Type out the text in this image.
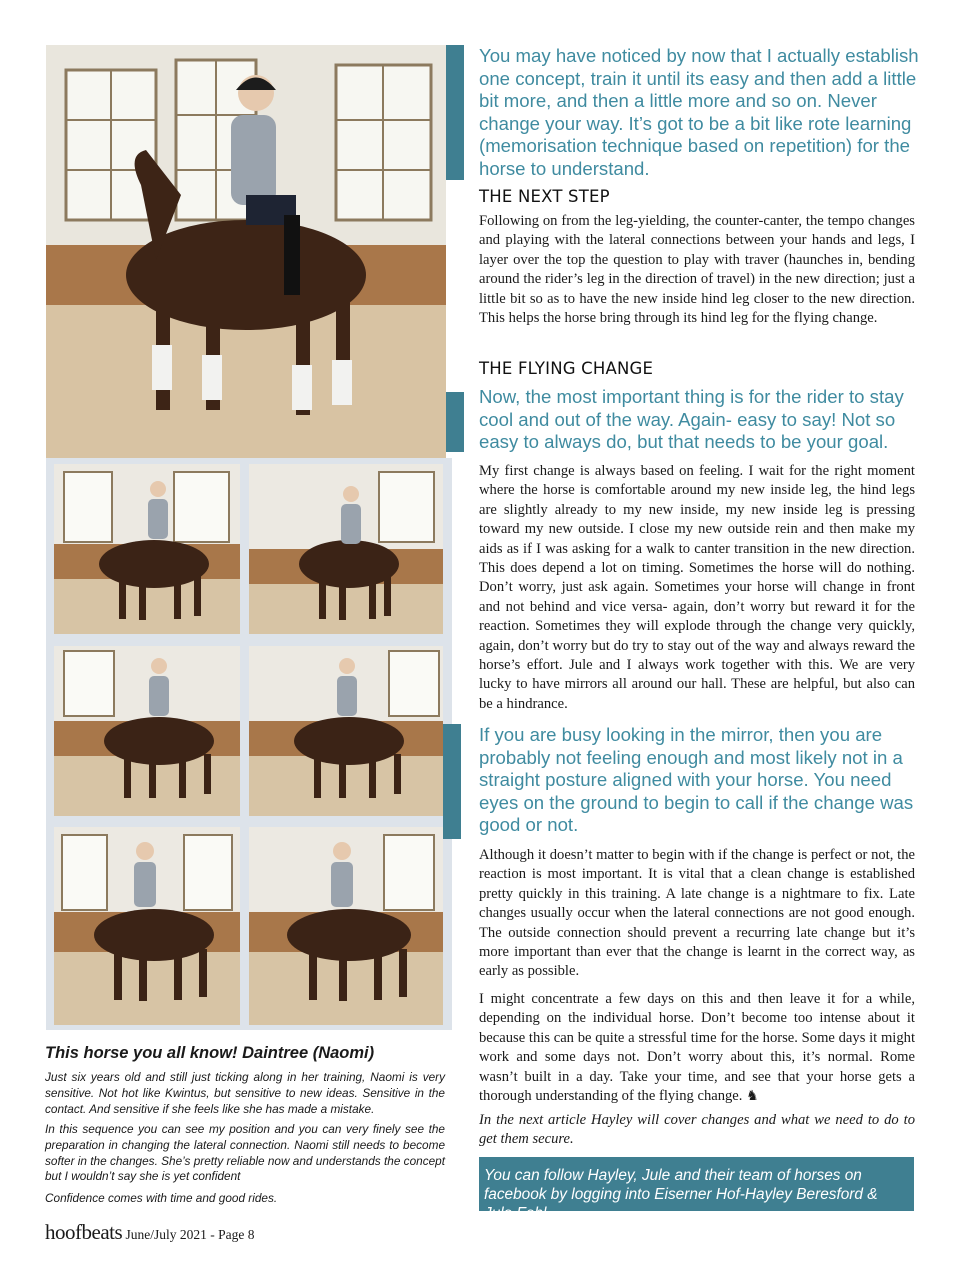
You may have noticed by now that I actually establish one concept, train it until its easy and then add a little bit more, and then a little more and so on. Never change your way. It’s got to be a bit like rote learning (memorisation technique based on repetition) for the horse to understand.

THE NEXT STEP

Following on from the leg-yielding, the counter-canter, the tempo changes and playing with the lateral connections between your hands and legs, I layer over the top the question to play with traver (haunches in, bending around the rider’s leg in the direction of travel) in the new direction; just a little bit so as to have the new inside hind leg closer to the new direction. This helps the horse bring through its hind leg for the flying change.

THE FLYING CHANGE

Now, the most important thing is for the rider to stay cool and out of the way. Again- easy to say! Not so easy to always do, but that needs to be your goal.

My first change is always based on feeling. I wait for the right moment where the horse is comfortable around my new inside leg, the hind legs are slightly already to my new inside, my new inside leg is pressing toward my new outside. I close my new outside rein and then make my aids as if I was asking for a walk to canter transition in the new direction. This does depend a lot on timing. Sometimes the horse will do nothing. Don’t worry, just ask again. Sometimes your horse will change in front and not behind and vice versa- again, don’t worry but reward it for the reaction. Sometimes they will explode through the change very quickly, again, don’t worry but do try to stay out of the way and always reward the horse’s effort. Jule and I always work together with this. We are very lucky to have mirrors all around our hall. These are helpful, but also can be a hindrance.

If you are busy looking in the mirror, then you are probably not feeling enough and most likely not in a straight posture aligned with your horse. You need eyes on the ground to begin to call if the change was good or not.

Although it doesn’t matter to begin with if the change is perfect or not, the reaction is most important. It is vital that a clean change is established pretty quickly in this training. A late change is a nightmare to fix. Late changes usually occur when the lateral connections are not good enough. The outside connection should prevent a recurring late change but it’s more important than ever that the change is learnt in the correct way, as early as possible.

I might concentrate a few days on this and then leave it for a while, depending on the individual horse. Don’t become too intense about it because this can be quite a stressful time for the horse. Some days it might work and some days not. Don’t worry about this, it’s normal. Rome wasn’t built in a day. Take your time, and see that your horse gets a thorough understanding of the flying change. ♞

In the next article Hayley will cover changes and what we need to do to get them secure.

You can follow Hayley, Jule and their team of horses on facebook by logging into Eiserner Hof-Hayley Beresford & Jule Fehl.

This horse you all know! Daintree (Naomi)

Just six years old and still just ticking along in her training, Naomi is very sensitive. Not hot like Kwintus, but sensitive to new ideas. Sensitive in the contact. And sensitive if she feels like she has made a mistake.

In this sequence you can see my position and you can very finely see the preparation in changing the lateral connection. Naomi still needs to become softer in the changes. She’s pretty reliable now and understands the concept but I wouldn’t say she is yet confident

Confidence comes with time and good rides.

hoofbeats June/July 2021 - Page 8
